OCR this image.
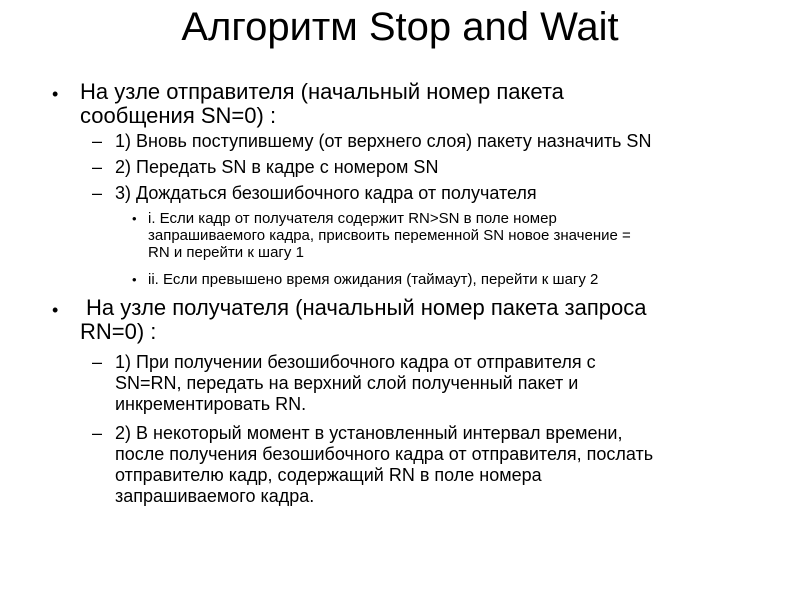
Алгоритм Stop and Wait
• На узле отправителя (начальный номер пакета
сообщения SN=0) :

– 1) Вновь поступившему (от верхнего слоя) пакету назначить SN

– 2) Передать SN в кадре с номером SN

– 3) Дождаться безошибочного кадра от получателя

• i. Если кадр от получателя содержит RN>SN в поле номер
запрашиваемого кадра, присвоить переменной SN новое значение =
RN и перейти к шагу 1

• ii. Если превышено время ожидания (таймаут), перейти к шагу 2

• На узле получателя (начальный номер пакета запроса
RN=0) :

– 1) При получении безошибочного кадра от отправителя с
SN=RN, передать на верхний слой полученный пакет и
инкрементировать RN.

– 2) В некоторый момент в установленный интервал времени,
после получения безошибочного кадра от отправителя, послать
отправителю кадр, содержащий RN в поле номера
запрашиваемого кадра.
